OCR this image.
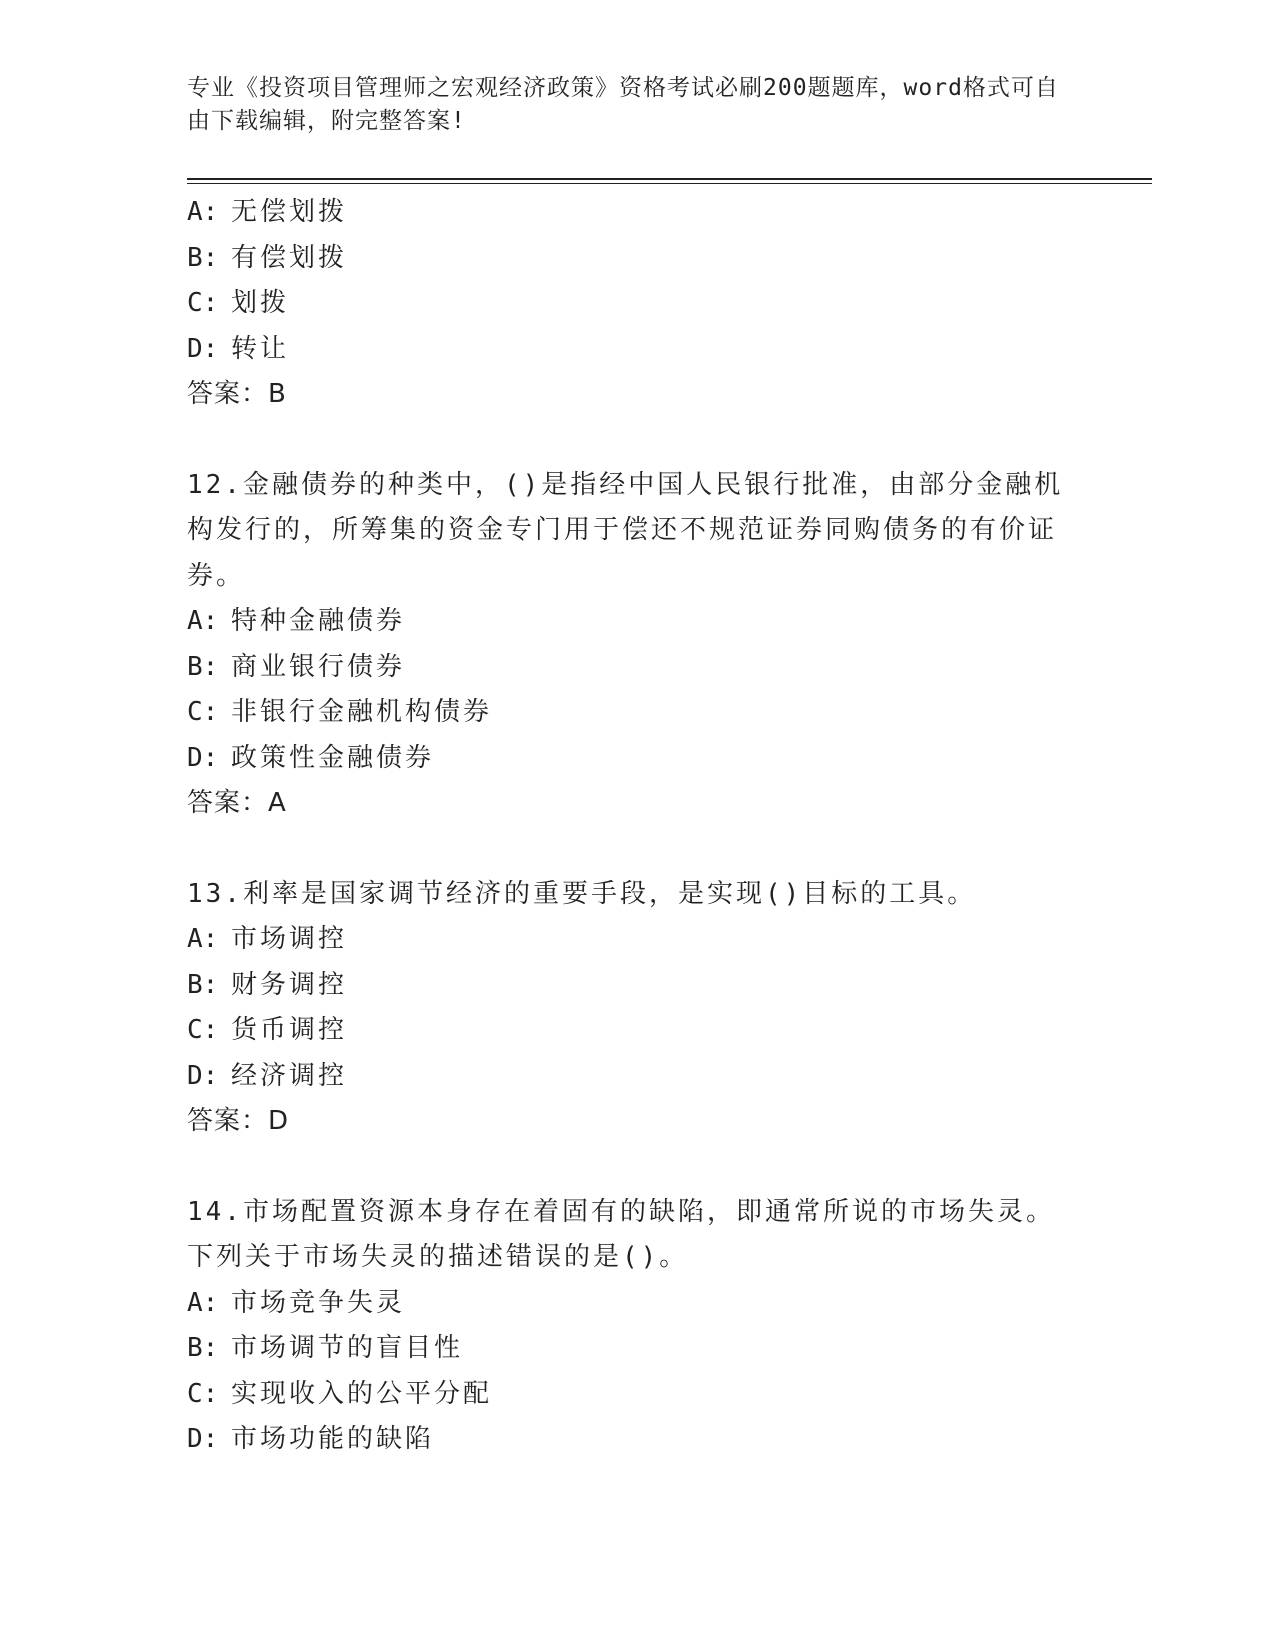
专业《投资项目管理师之宏观经济政策》资格考试必刷200题题库，word格式可自由下载编辑，附完整答案!
A: 无偿划拨
B: 有偿划拨
C: 划拨
D: 转让
答案：B
12.金融债券的种类中，()是指经中国人民银行批准，由部分金融机构发行的，所筹集的资金专门用于偿还不规范证券同购债务的有价证券。
A: 特种金融债券
B: 商业银行债券
C: 非银行金融机构债券
D: 政策性金融债券
答案：A
13.利率是国家调节经济的重要手段，是实现()目标的工具。
A: 市场调控
B: 财务调控
C: 货币调控
D: 经济调控
答案：D
14.市场配置资源本身存在着固有的缺陷，即通常所说的市场失灵。下列关于市场失灵的描述错误的是()。
A: 市场竞争失灵
B: 市场调节的盲目性
C: 实现收入的公平分配
D: 市场功能的缺陷
